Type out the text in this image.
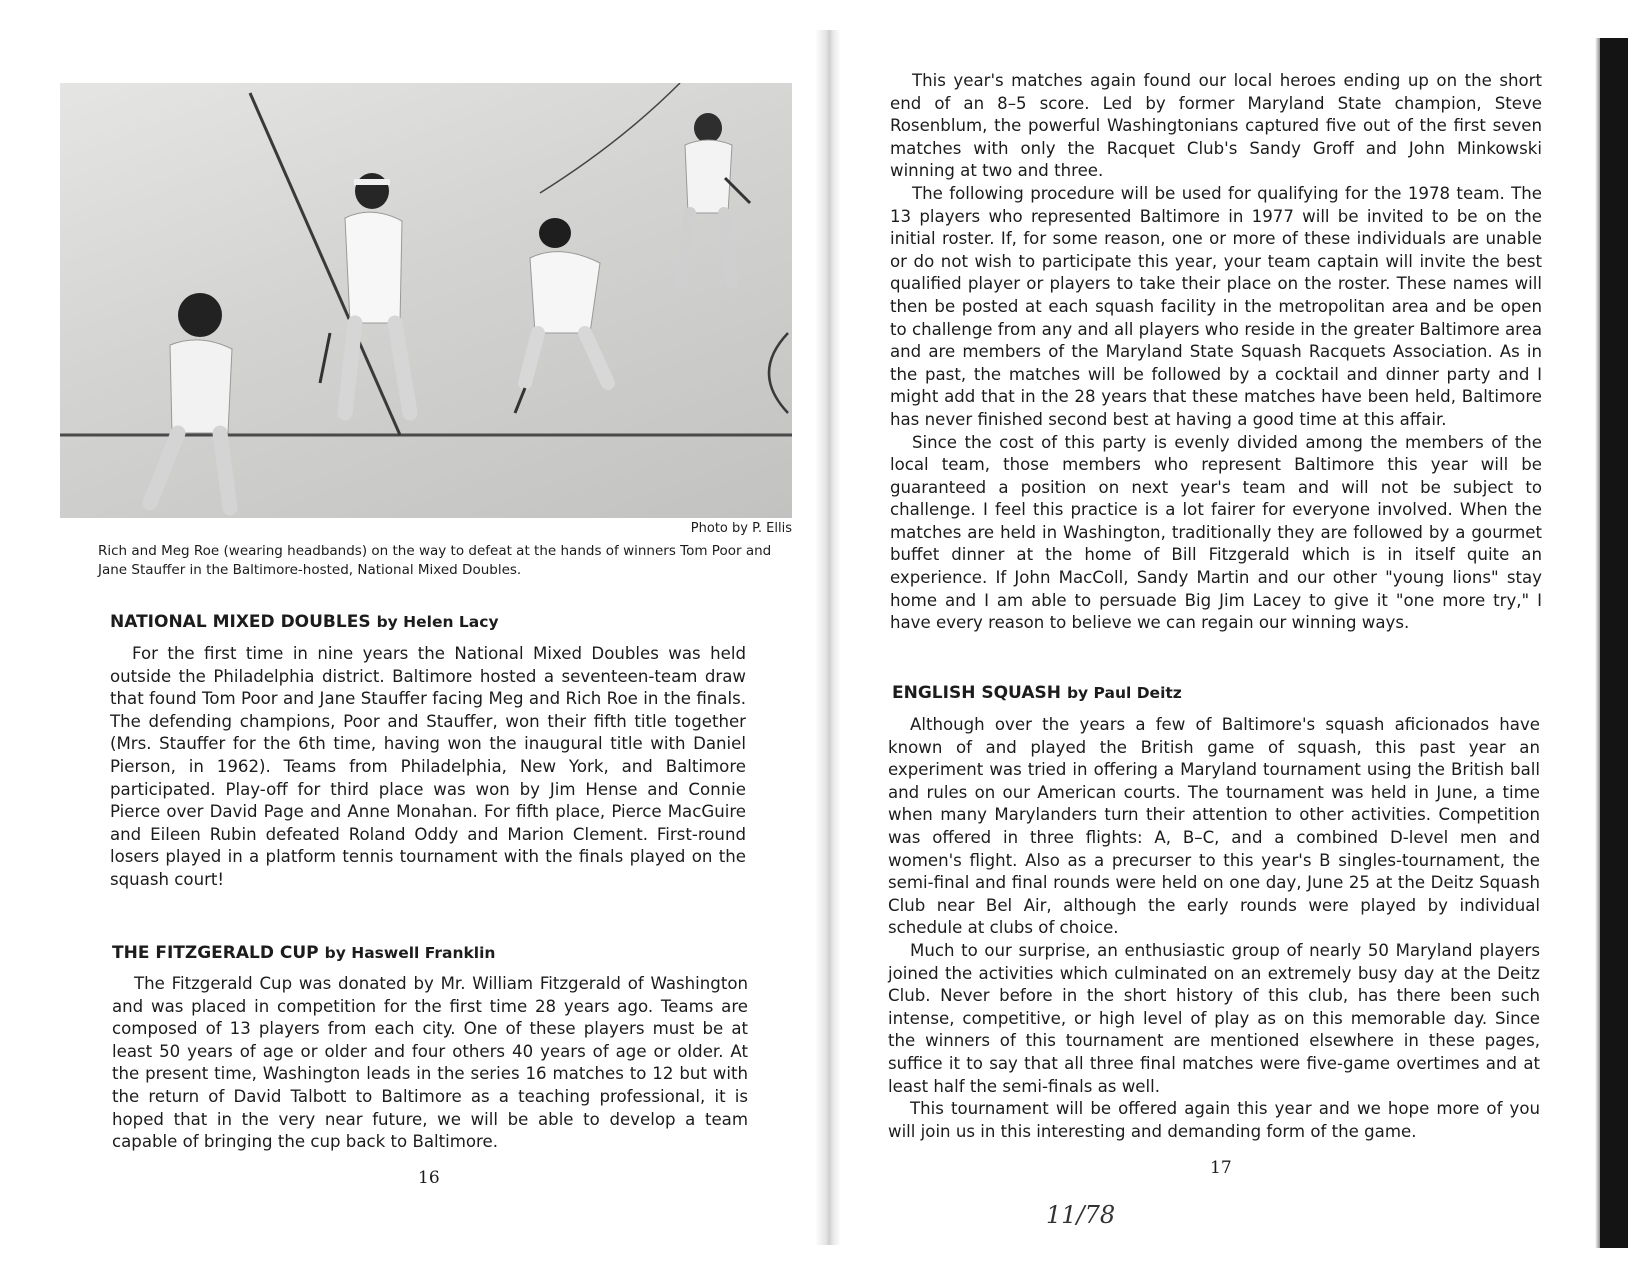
Photo by P. Ellis
Rich and Meg Roe (wearing headbands) on the way to defeat at the hands of winners Tom Poor and Jane Stauffer in the Baltimore-hosted, National Mixed Doubles.
NATIONAL MIXED DOUBLES by Helen Lacy

For the first time in nine years the National Mixed Doubles was held outside the Philadelphia district. Baltimore hosted a seventeen-team draw that found Tom Poor and Jane Stauffer facing Meg and Rich Roe in the finals. The defending champions, Poor and Stauffer, won their fifth title together (Mrs. Stauffer for the 6th time, having won the inaugural title with Daniel Pierson, in 1962). Teams from Philadelphia, New York, and Baltimore participated. Play-off for third place was won by Jim Hense and Connie Pierce over David Page and Anne Monahan. For fifth place, Pierce MacGuire and Eileen Rubin defeated Roland Oddy and Marion Clement. First-round losers played in a platform tennis tournament with the finals played on the squash court!

THE FITZGERALD CUP by Haswell Franklin

The Fitzgerald Cup was donated by Mr. William Fitzgerald of Washington and was placed in competition for the first time 28 years ago. Teams are composed of 13 players from each city. One of these players must be at least 50 years of age or older and four others 40 years of age or older. At the present time, Washington leads in the series 16 matches to 12 but with the return of David Talbott to Baltimore as a teaching professional, it is hoped that in the very near future, we will be able to develop a team capable of bringing the cup back to Baltimore.

16

This year's matches again found our local heroes ending up on the short end of an 8–5 score. Led by former Maryland State champion, Steve Rosenblum, the powerful Washingtonians captured five out of the first seven matches with only the Racquet Club's Sandy Groff and John Minkowski winning at two and three.

The following procedure will be used for qualifying for the 1978 team. The 13 players who represented Baltimore in 1977 will be invited to be on the initial roster. If, for some reason, one or more of these individuals are unable or do not wish to participate this year, your team captain will invite the best qualified player or players to take their place on the roster. These names will then be posted at each squash facility in the metropolitan area and be open to challenge from any and all players who reside in the greater Baltimore area and are members of the Maryland State Squash Racquets Association. As in the past, the matches will be followed by a cocktail and dinner party and I might add that in the 28 years that these matches have been held, Baltimore has never finished second best at having a good time at this affair.

Since the cost of this party is evenly divided among the members of the local team, those members who represent Baltimore this year will be guaranteed a position on next year's team and will not be subject to challenge. I feel this practice is a lot fairer for everyone involved. When the matches are held in Washington, traditionally they are followed by a gourmet buffet dinner at the home of Bill Fitzgerald which is in itself quite an experience. If John MacColl, Sandy Martin and our other "young lions" stay home and I am able to persuade Big Jim Lacey to give it "one more try," I have every reason to believe we can regain our winning ways.

ENGLISH SQUASH by Paul Deitz

Although over the years a few of Baltimore's squash aficionados have known of and played the British game of squash, this past year an experiment was tried in offering a Maryland tournament using the British ball and rules on our American courts. The tournament was held in June, a time when many Marylanders turn their attention to other activities. Competition was offered in three flights: A, B–C, and a combined D-level men and women's flight. Also as a precurser to this year's B singles-tournament, the semi-final and final rounds were held on one day, June 25 at the Deitz Squash Club near Bel Air, although the early rounds were played by individual schedule at clubs of choice.

Much to our surprise, an enthusiastic group of nearly 50 Maryland players joined the activities which culminated on an extremely busy day at the Deitz Club. Never before in the short history of this club, has there been such intense, competitive, or high level of play as on this memorable day. Since the winners of this tournament are mentioned elsewhere in these pages, suffice it to say that all three final matches were five-game overtimes and at least half the semi-finals as well.

This tournament will be offered again this year and we hope more of you will join us in this interesting and demanding form of the game.

17
11/78
